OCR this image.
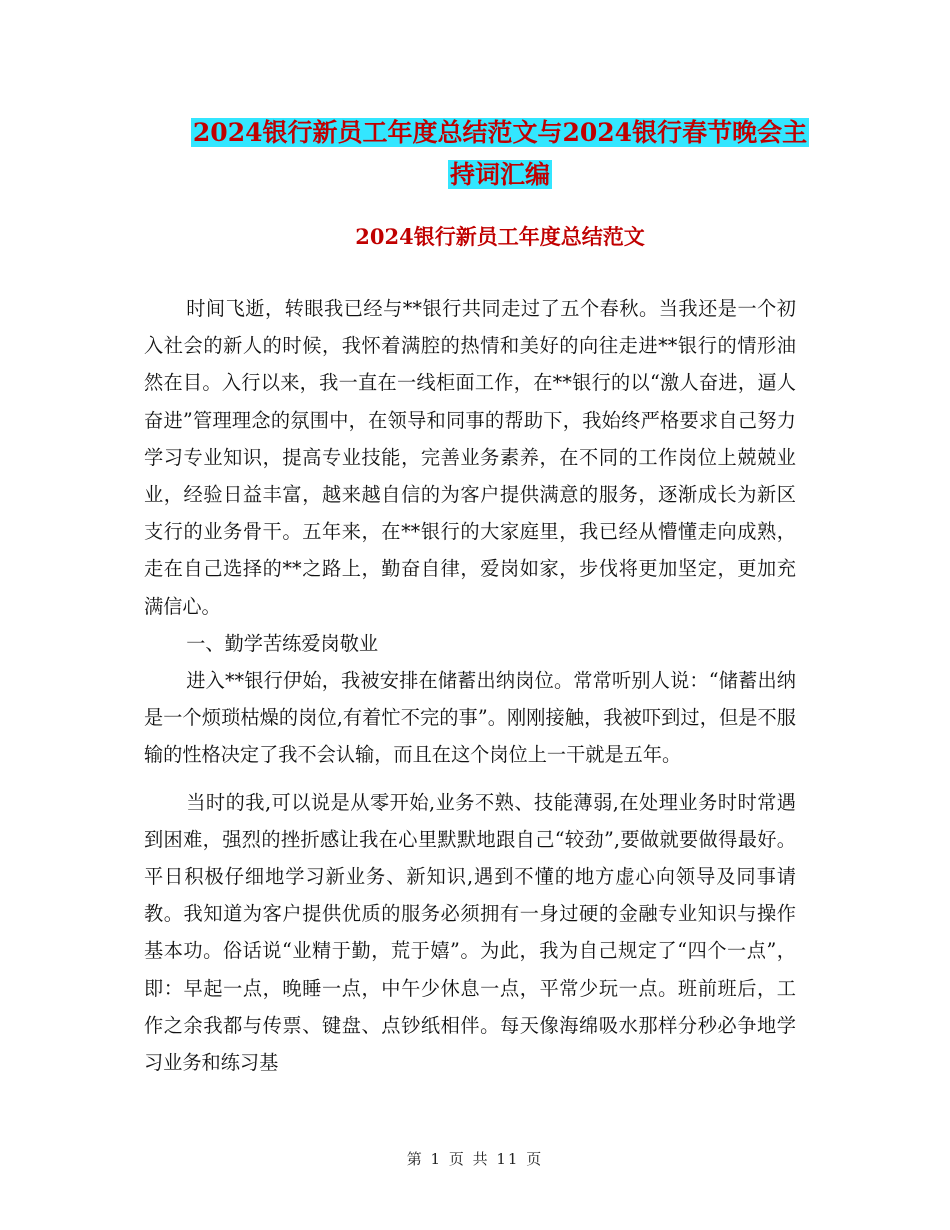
2024银行新员工年度总结范文与2024银行春节晚会主
持词汇编
2024银行新员工年度总结范文

时间飞逝，转眼我已经与**银行共同走过了五个春秋。当我还是一个初入社会的新人的时候，我怀着满腔的热情和美好的向往走进**银行的情形油然在目。入行以来，我一直在一线柜面工作，在**银行的以“激人奋进，逼人奋进”管理理念的氛围中，在领导和同事的帮助下，我始终严格要求自己努力学习专业知识，提高专业技能，完善业务素养，在不同的工作岗位上兢兢业业，经验日益丰富，越来越自信的为客户提供满意的服务，逐渐成长为新区支行的业务骨干。五年来，在**银行的大家庭里，我已经从懵懂走向成熟，走在自己选择的**之路上，勤奋自律，爱岗如家，步伐将更加坚定，更加充满信心。

一、勤学苦练爱岗敬业

进入**银行伊始，我被安排在储蓄出纳岗位。常常听别人说：“储蓄出纳是一个烦琐枯燥的岗位,有着忙不完的事”。刚刚接触，我被吓到过，但是不服输的性格决定了我不会认输，而且在这个岗位上一干就是五年。

当时的我,可以说是从零开始,业务不熟、技能薄弱,在处理业务时时常遇到困难，强烈的挫折感让我在心里默默地跟自己“较劲”,要做就要做得最好。平日积极仔细地学习新业务、新知识,遇到不懂的地方虚心向领导及同事请教。我知道为客户提供优质的服务必须拥有一身过硬的金融专业知识与操作基本功。俗话说“业精于勤，荒于嬉”。为此，我为自己规定了“四个一点”，即：早起一点，晚睡一点，中午少休息一点，平常少玩一点。班前班后，工作之余我都与传票、键盘、点钞纸相伴。每天像海绵吸水那样分秒必争地学习业务和练习基

第 1 页 共 11 页
